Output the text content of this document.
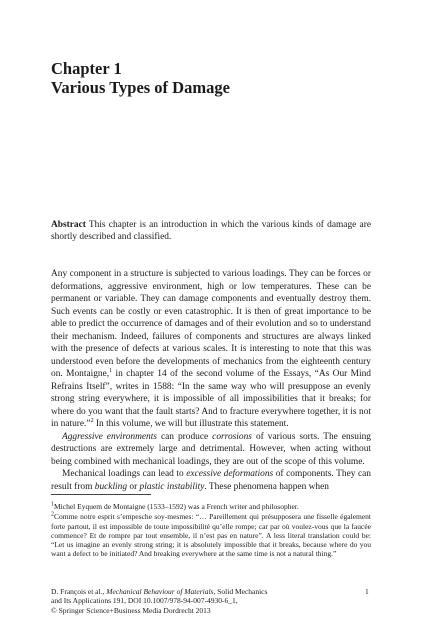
Chapter 1
Various Types of Damage
Abstract This chapter is an introduction in which the various kinds of damage are shortly described and classified.

Any component in a structure is subjected to various loadings. They can be forces or deformations, aggressive environment, high or low temperatures. These can be permanent or variable. They can damage components and eventually destroy them. Such events can be costly or even catastrophic. It is then of great importance to be able to predict the occurrence of damages and of their evolution and so to understand their mechanism. Indeed, failures of components and structures are always linked with the presence of defects at various scales. It is interesting to note that this was understood even before the developments of mechanics from the eighteenth century on. Montaigne,$^1$ in chapter 14 of the second volume of the Essays, “As Our Mind Refrains Itself”, writes in 1588: “In the same way who will presuppose an evenly strong string everywhere, it is impossible of all impossibilities that it breaks; for where do you want that the fault starts? And to fracture everywhere together, it is not in nature.”$^2$ In this volume, we will but illustrate this statement.

Aggressive environments can produce corrosions of various sorts. The ensuing destructions are extremely large and detrimental. However, when acting without being combined with mechanical loadings, they are out of the scope of this volume.

Mechanical loadings can lead to excessive deformations of components. They can result from buckling or plastic instability. These phenomena happen when

$^1$Michel Eyquem de Montaigne (1533–1592) was a French writer and philosopher.

$^2$Comme notre esprit s’empesche soy-mesmes: “… Pareillement qui présupposera une fisselle également forte partout, il est impossible de toute impossibilité qu’elle rompe; car par où voulez-vous que la faucée commence? Et de rompre par tout ensemble, il n’est pas en nature”. A less literal translation could be: “Let us imagine an evenly strong string; it is absolutely impossible that it breaks, because where do you want a defect to be initiated? And breaking everywhere at the same time is not a natural thing.”

D. François et al., Mechanical Behaviour of Materials, Solid Mechanics
and Its Applications 191, DOI 10.1007/978-94-007-4930-6_1,
© Springer Science+Business Media Dordrecht 2013
1
